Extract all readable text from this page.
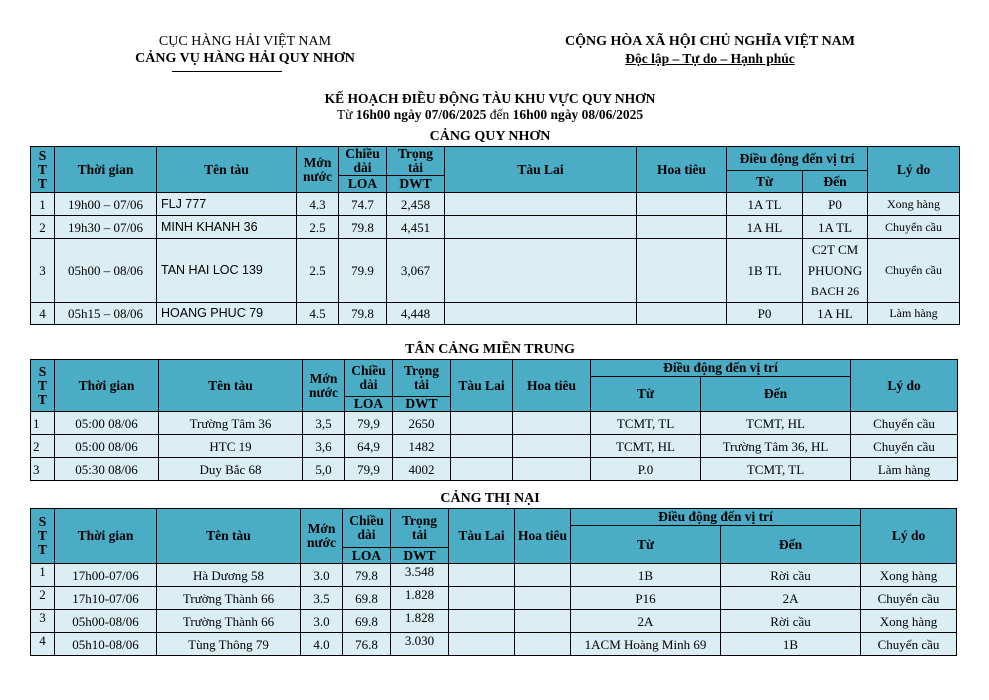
CỤC HÀNG HẢI VIỆT NAM
CẢNG VỤ HÀNG HẢI QUY NHƠN
CỘNG HÒA XÃ HỘI CHỦ NGHĨA VIỆT NAM
Độc lập – Tự do – Hạnh phúc
KẾ HOẠCH ĐIỀU ĐỘNG TÀU KHU VỰC QUY NHƠN
Từ 16h00 ngày 07/06/2025 đến 16h00 ngày 08/06/2025
CẢNG QUY NHƠN
S
T
T	Thời gian	Tên tàu	Mớn nước	Chiều dài	Trọng tải	Tàu Lai	Hoa tiêu	Điều động đến vị trí		Lý do
								Từ	Đến	
				LOA	DWT					
1	19h00 – 07/06	FLJ 777	4.3	74.7	2,458			1A TL	P0	Xong hàng
2	19h30 – 07/06	MINH KHANH 36	2.5	79.8	4,451			1A HL	1A TL	Chuyển cầu
3	05h00 – 08/06	TAN HAI LOC 139	2.5	79.9	3,067			1B TL	C2T CM
PHUONG
BACH 26	Chuyển cầu
4	05h15 – 08/06	HOANG PHUC 79	4.5	79.8	4,448			P0	1A HL	Làm hàng
TÂN CẢNG MIỀN TRUNG
S
T
T	Thời gian	Tên tàu	Mớn nước	Chiều dài	Trọng tải	Tàu Lai	Hoa tiêu	Điều động đến vị trí		Lý do
								Từ	Đến	
				LOA	DWT					
1	05:00 08/06	Trường Tâm 36	3,5	79,9	2650			TCMT, TL	TCMT, HL	Chuyển cầu
2	05:00 08/06	HTC 19	3,6	64,9	1482			TCMT, HL	Trường Tâm 36, HL	Chuyển cầu
3	05:30 08/06	Duy Bắc 68	5,0	79,9	4002			P.0	TCMT, TL	Làm hàng
CẢNG THỊ NẠI
S
T
T	Thời gian	Tên tàu	Mớn nước	Chiều dài	Trọng tải	Tàu Lai	Hoa tiêu	Điều động đến vị trí		Lý do
								Từ	Đến	
				LOA	DWT					
1	17h00-07/06	Hà Dương 58	3.0	79.8	3.548			1B	Rời cầu	Xong hàng
2	17h10-07/06	Trường Thành 66	3.5	69.8	1.828			P16	2A	Chuyển cầu
3	05h00-08/06	Trường Thành 66	3.0	69.8	1.828			2A	Rời cầu	Xong hàng
4	05h10-08/06	Tùng Thông 79	4.0	76.8	3.030			1ACM Hoàng Minh 69	1B	Chuyển cầu
